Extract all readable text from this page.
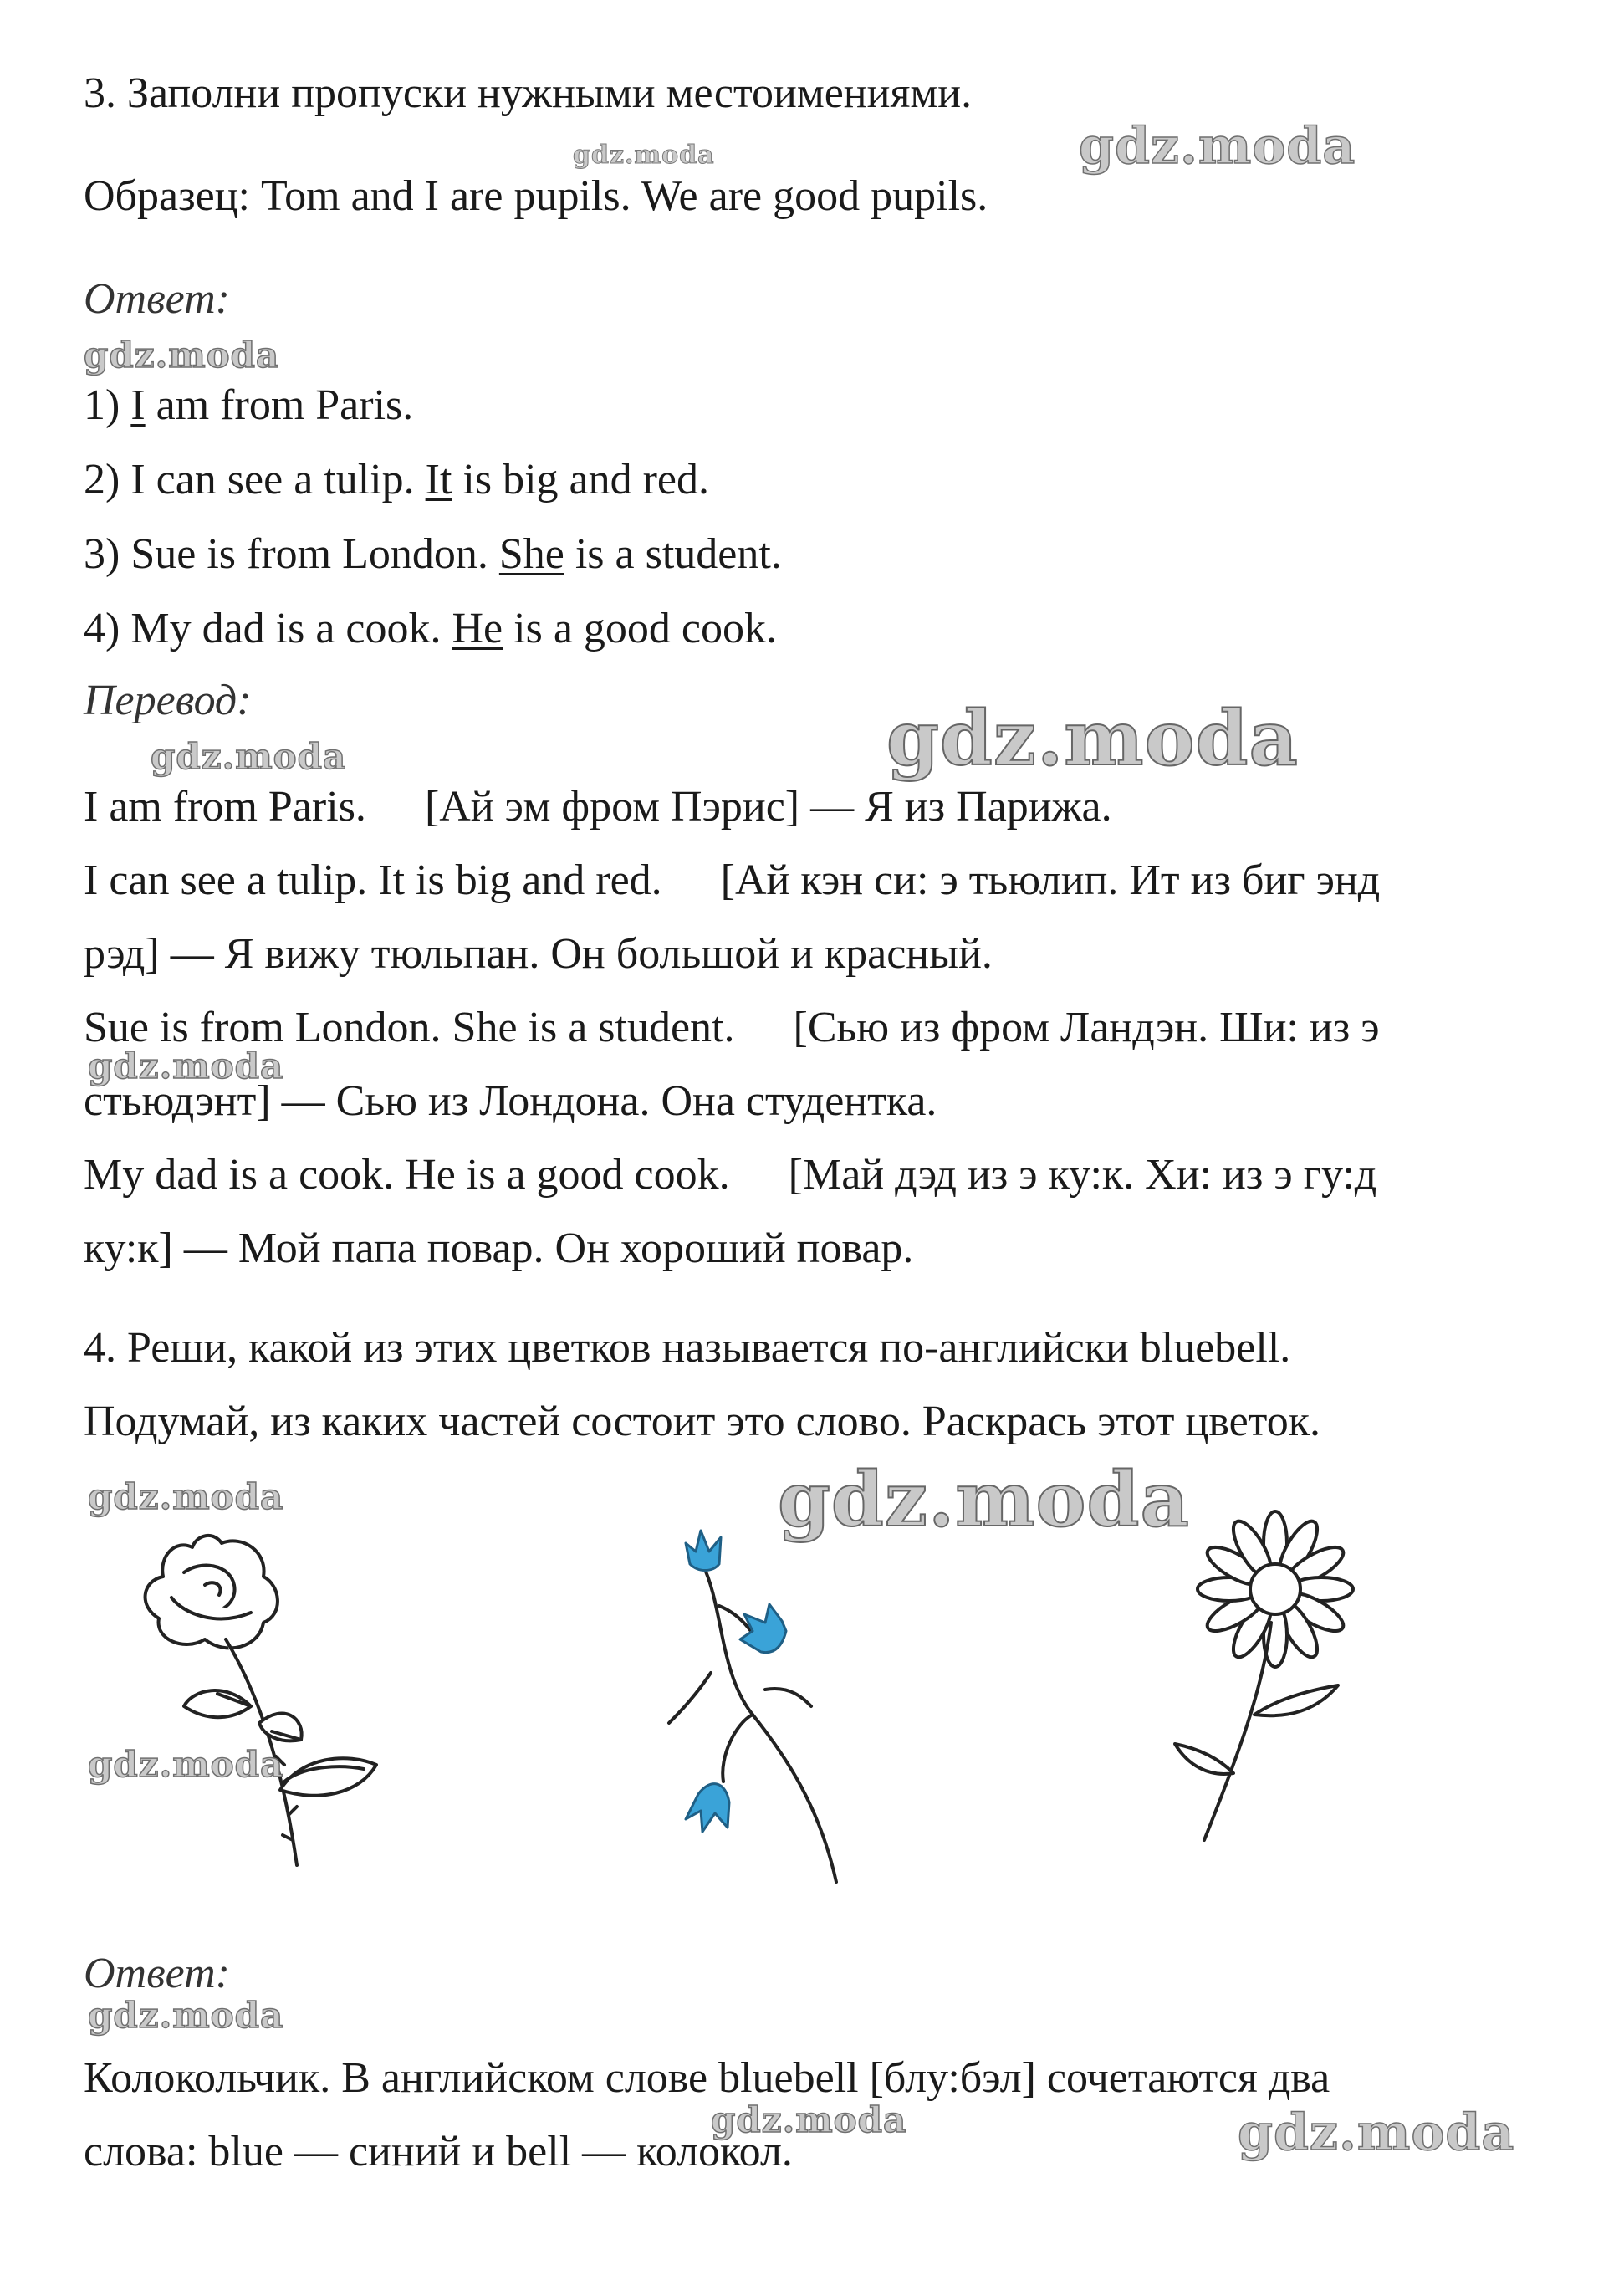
3. Заполни пропуски нужными местоимениями.

Образец: Tom and I are pupils. We are good pupils.

Ответ:

1) I am from Paris.

2) I can see a tulip. It is big and red.

3) Sue is from London. She is a student.

4) My dad is a cook. He is a good cook.

Перевод:

I am from Paris. [Ай эм фром Пэрис] — Я из Парижа.

I can see a tulip. It is big and red. [Ай кэн си: э тьюлип. Ит из биг энд

рэд] — Я вижу тюльпан. Он большой и красный.

Sue is from London. She is a student. [Сью из фром Ландэн. Ши: из э

стьюдэнт] — Сью из Лондона. Она студентка.

My dad is a cook. He is a good cook. [Май дэд из э ку:к. Хи: из э гу:д

ку:к] — Мой папа повар. Он хороший повар.

4. Реши, какой из этих цветков называется по-английски bluebell.

Подумай, из каких частей состоит это слово. Раскрась этот цветок.

Ответ:

Колокольчик. В английском слове bluebell [блу:бэл] сочетаются два

слова: blue — синий и bell — колокол.

gdz.moda	gdz.moda
gdz.moda
gdz.moda
gdz.moda
gdz.moda
gdz.moda	gdz.moda
gdz.moda
gdz.moda
gdz.moda	gdz.moda
